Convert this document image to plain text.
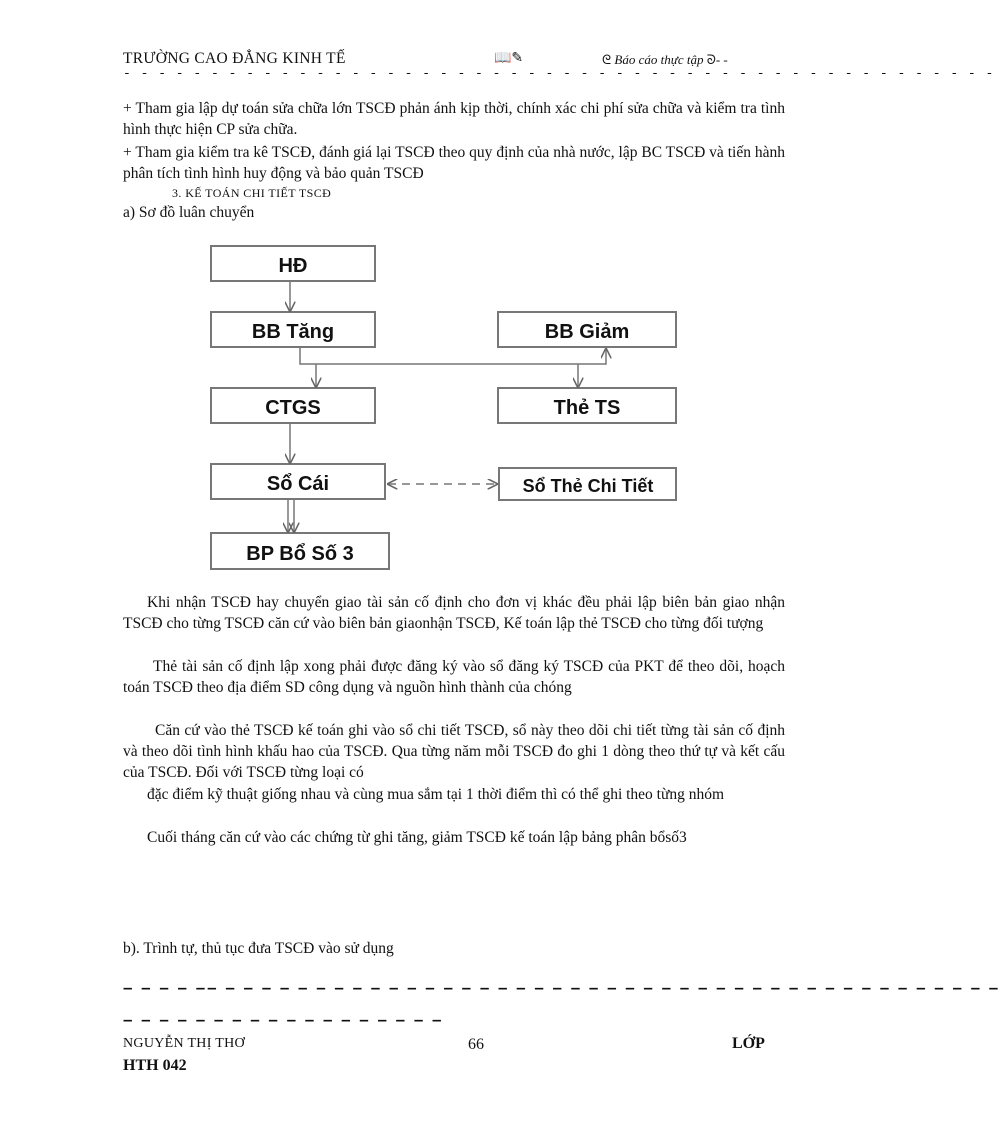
TRƯỜNG CAO ĐẲNG KINH TẾ	📖✎	ᘓ Báo cáo thực tập ᘐ- -
- - - - - - - - - - - - - - - - - - - - - - - - - - - - - - - - - - - - - - - - - - - - - - - - - -
+ Tham gia lập dự toán sửa chữa lớn TSCĐ phản ánh kịp thời, chính xác chi phí sửa chữa và kiểm tra tình hình thực hiện CP sửa chữa.
+ Tham gia kiểm tra kê TSCĐ, đánh giá lại TSCĐ theo quy định của nhà nước, lập BC TSCĐ và tiến hành phân tích tình hình huy động và bảo quản TSCĐ
3. KẾ TOÁN CHI TIẾT TSCĐ
a) Sơ đồ luân chuyển
HĐ
BB Tăng	BB Giảm
CTGS	Thẻ TS
Sổ Cái	Sổ Thẻ Chi Tiết
BP Bổ Số 3
Khi nhận TSCĐ hay chuyển giao tài sản cố định cho đơn vị khác đều phải lập biên bản giao nhận TSCĐ cho từng TSCĐ căn cứ vào biên bản giaonhận TSCĐ, Kế toán lập thẻ TSCĐ cho từng đối tượng
Thẻ tài sản cố định lập xong phải được đăng ký vào sổ đăng ký TSCĐ của PKT để theo dõi, hoạch toán TSCĐ theo địa điểm SD công dụng và nguồn hình thành của chóng
Căn cứ vào thẻ TSCĐ kế toán ghi vào sổ chi tiết TSCĐ, sổ này theo dõi chi tiết từng tài sản cố định và theo dõi tình hình khấu hao của TSCĐ. Qua từng năm mỗi TSCĐ đo ghi 1 dòng theo thứ tự và kết cấu của TSCĐ. Đối với TSCĐ từng loại có
đặc điểm kỹ thuật giống nhau và cùng mua sắm tại 1 thời điểm thì có thể ghi theo từng nhóm
Cuối tháng căn cứ vào các chứng từ ghi tăng, giảm TSCĐ kế toán lập bảng phân bổsố3
b). Trình tự, thủ tục đưa TSCĐ vào sử dụng
– – – – –– – – – – – – – – – – – – – – – – – – – – – – – – – – – – – – – – – – – – – – – – – – –
– – – – – – – – – – – – – – – – – –
NGUYỄN THỊ THƠ	66	LỚP
HTH 042
